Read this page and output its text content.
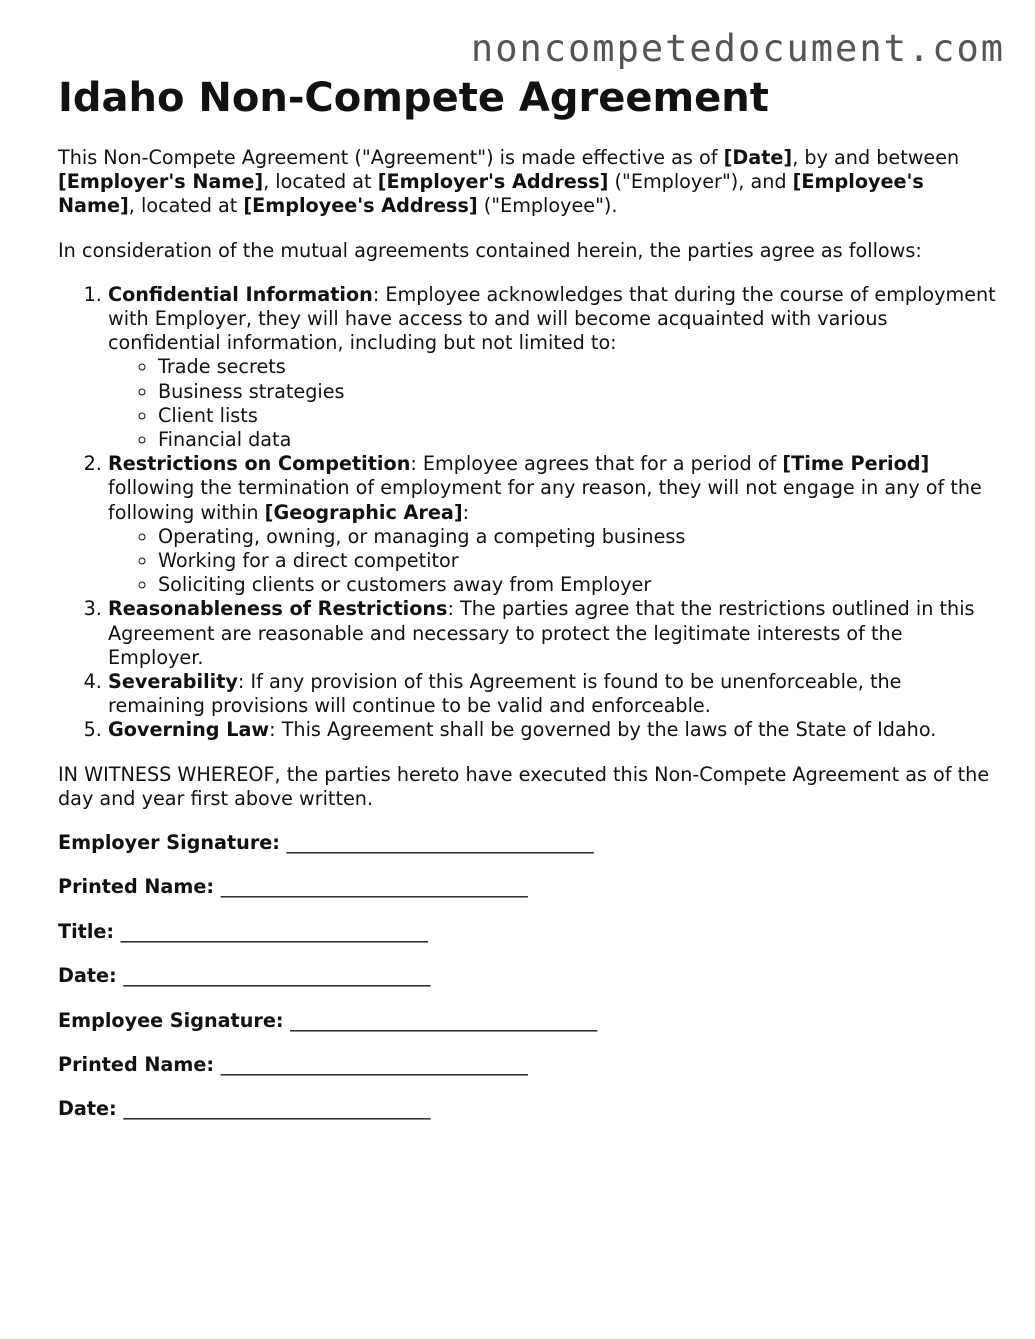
noncompetedocument.com
Idaho Non-Compete Agreement

This Non-Compete Agreement ("Agreement") is made effective as of [Date], by and between [Employer's Name], located at [Employer's Address] ("Employer"), and [Employee's Name], located at [Employee's Address] ("Employee").

In consideration of the mutual agreements contained herein, the parties agree as follows:

1. Confidential Information: Employee acknowledges that during the course of employment with Employer, they will have access to and will become acquainted with various confidential information, including but not limited to:
◦ Trade secrets
◦ Business strategies
◦ Client lists
◦ Financial data
2. Restrictions on Competition: Employee agrees that for a period of [Time Period] following the termination of employment for any reason, they will not engage in any of the following within [Geographic Area]:
◦ Operating, owning, or managing a competing business
◦ Working for a direct competitor
◦ Soliciting clients or customers away from Employer
3. Reasonableness of Restrictions: The parties agree that the restrictions outlined in this Agreement are reasonable and necessary to protect the legitimate interests of the Employer.
4. Severability: If any provision of this Agreement is found to be unenforceable, the remaining provisions will continue to be valid and enforceable.
5. Governing Law: This Agreement shall be governed by the laws of the State of Idaho.

IN WITNESS WHEREOF, the parties hereto have executed this Non-Compete Agreement as of the day and year first above written.

Employer Signature: ________________________________
Printed Name: ________________________________
Title: ________________________________
Date: ________________________________
Employee Signature: ________________________________
Printed Name: ________________________________
Date: ________________________________
